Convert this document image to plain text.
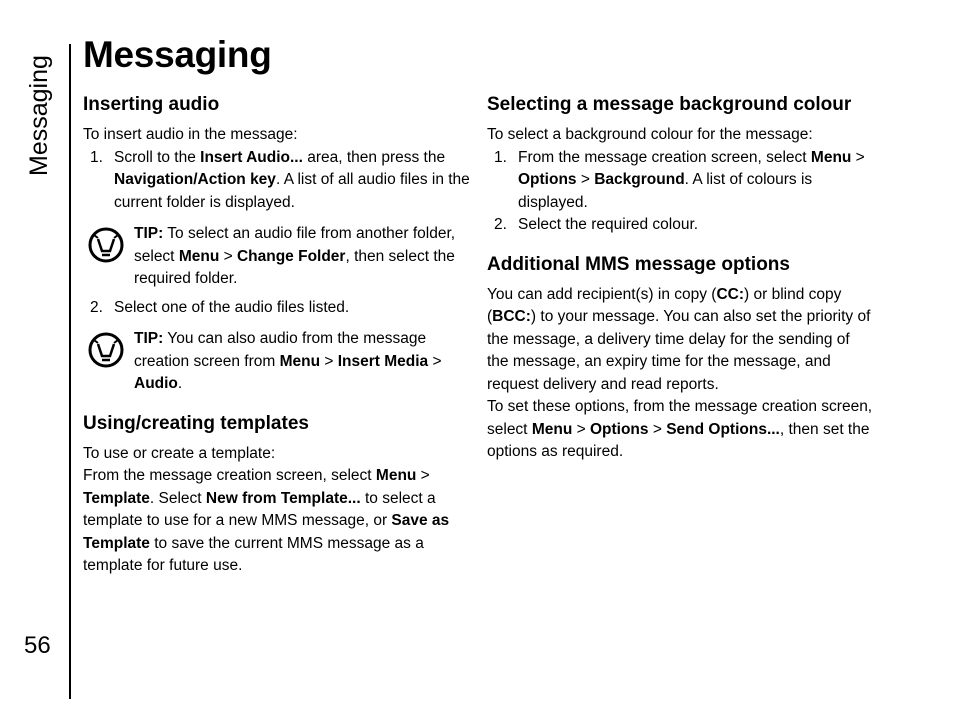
Messaging
56
Messaging
Inserting audio

To insert audio in the message:

1. Scroll to the Insert Audio... area, then press the Navigation/Action key. A list of all audio files in the current folder is displayed.
TIP: To select an audio file from another folder, select Menu > Change Folder, then select the required folder.
2. Select one of the audio files listed.
TIP: You can also audio from the message creation screen from Menu > Insert Media > Audio.
Using/creating templates

To use or create a template:

From the message creation screen, select Menu > Template. Select New from Template... to select a template to use for a new MMS message, or Save as Template to save the current MMS message as a template for future use.

Selecting a message background colour

To select a background colour for the message:

1. From the message creation screen, select Menu > Options > Background. A list of colours is displayed.
2. Select the required colour.
Additional MMS message options

You can add recipient(s) in copy (CC:) or blind copy (BCC:) to your message. You can also set the priority of the message, a delivery time delay for the sending of the message, an expiry time for the message, and request delivery and read reports.

To set these options, from the message creation screen, select Menu > Options > Send Options..., then set the options as required.
